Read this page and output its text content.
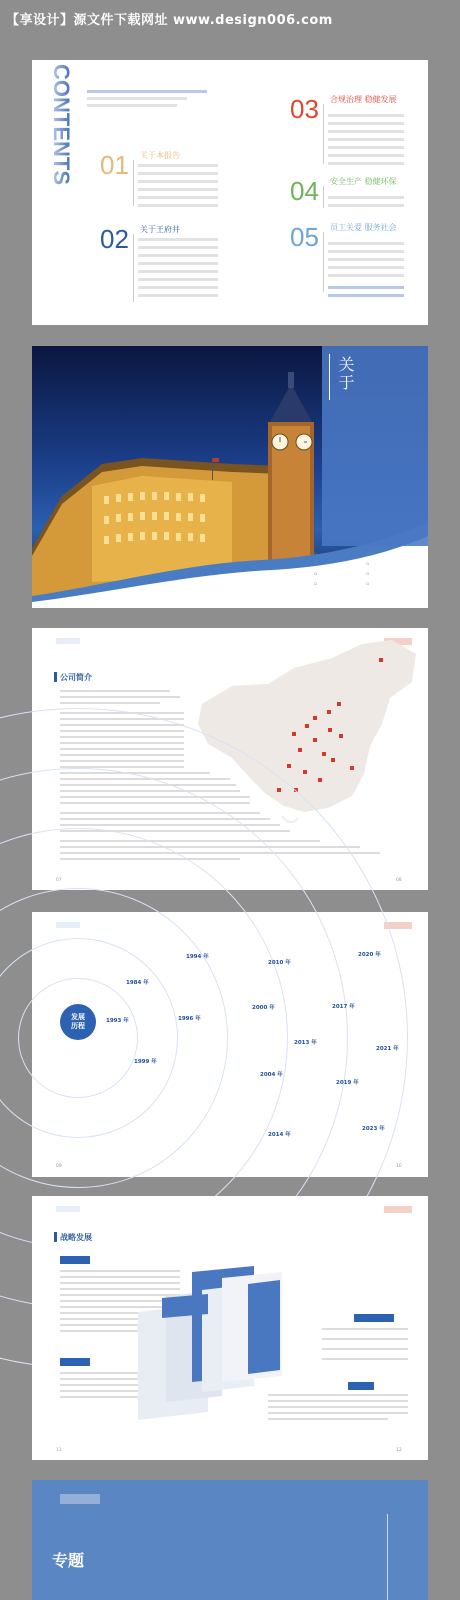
【享设计】源文件下载网址 www.design006.com
CONTENTS 01 关于本报告
02 关于王府井
03 合规治理 稳健发展
04 安全生产 稳健环保
05 员工关爱 服务社会
关于
▫▫▫▫▫▫▫▫
公司简介
07	08
发展
历程
1984 年
1993 年
1994 年
1996 年
1999 年
2000 年
2004 年
2010 年
2013 年
2014 年
2017 年
2019 年
2020 年
2021 年
2023 年
09	10
战略发展
11	12
专题
